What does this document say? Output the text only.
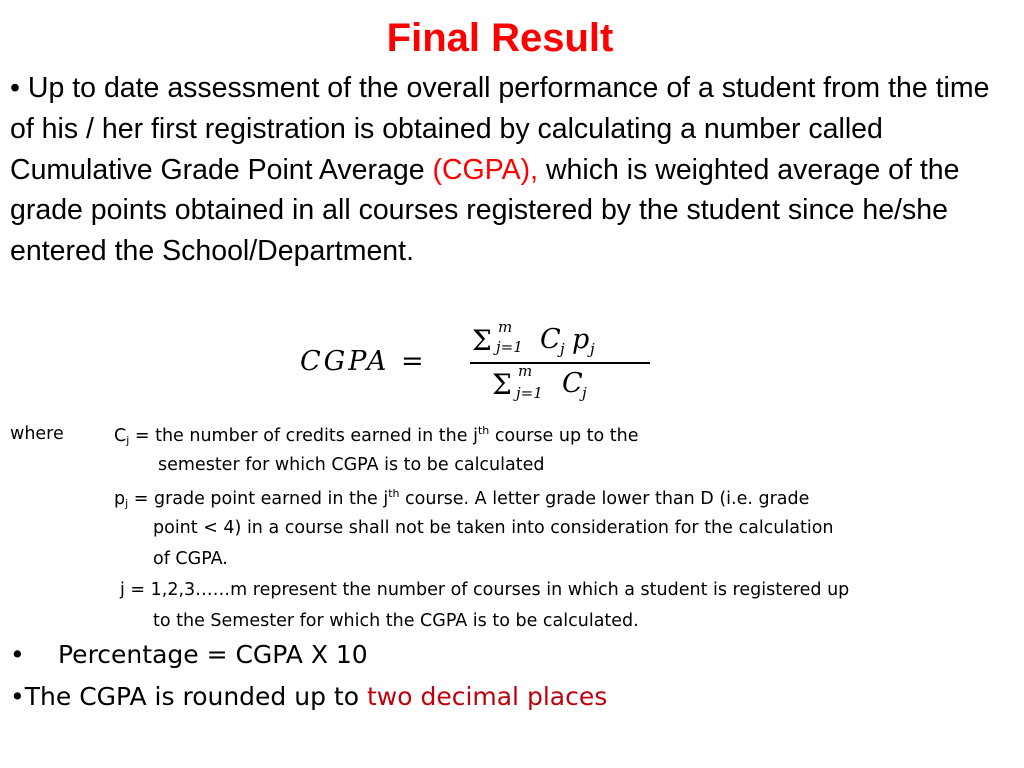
Final Result
• Up to date assessment of the overall performance of a student from the time of his / her first registration is obtained by calculating a number called Cumulative Grade Point Average (CGPA), which is weighted average of the grade points obtained in all courses registered by the student since he/she entered the School/Department.
CGPA =
Σ m
j=1 C j p j
Σ m
j=1 C j
where	$C_j$ = the number of credits earned in the $j^{th}$ course up to the
semester for which CGPA is to be calculated
$p_j$ = grade point earned in the $j^{th}$ course. A letter grade lower than D (i.e. grade
point < 4) in a course shall not be taken into consideration for the calculation
of CGPA.
j = 1,2,3……m represent the number of courses in which a student is registered up
to the Semester for which the CGPA is to be calculated.
• Percentage = CGPA X 10
•The CGPA is rounded up to two decimal places
